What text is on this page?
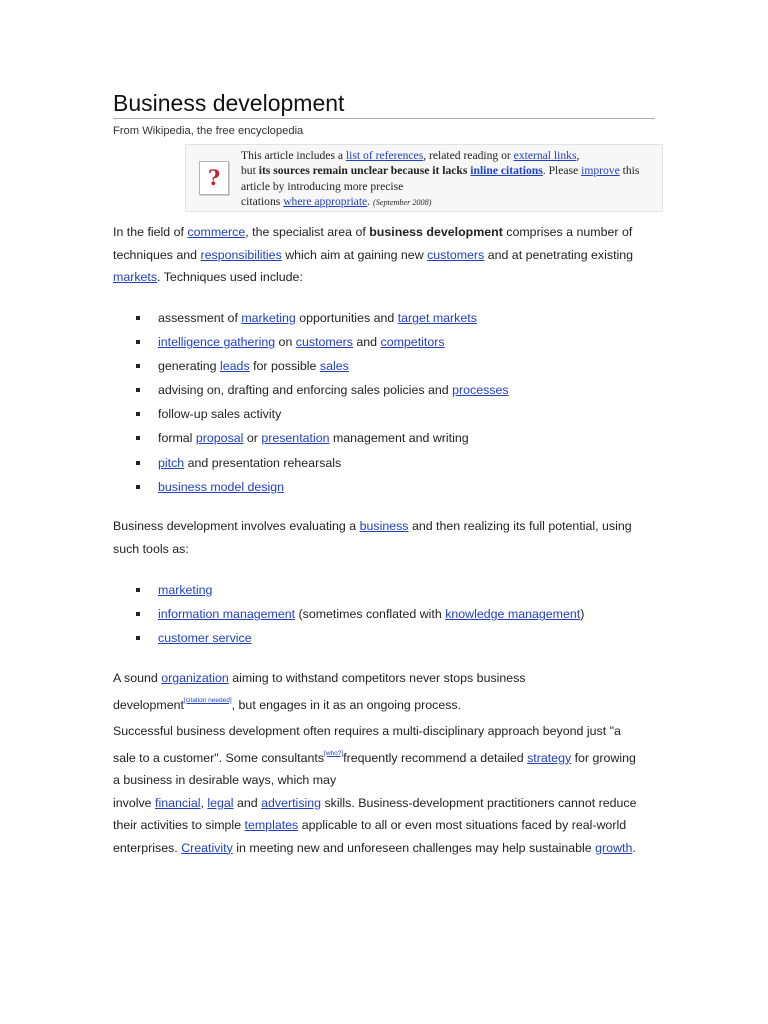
Business development
From Wikipedia, the free encyclopedia
?
This article includes a list of references, related reading or external links,
but its sources remain unclear because it lacks inline citations. Please improve this article by introducing more precise
citations where appropriate. (September 2008)

In the field of commerce, the specialist area of business development comprises a number of techniques and responsibilities which aim at gaining new customers and at penetrating existing markets. Techniques used include:

assessment of marketing opportunities and target markets
intelligence gathering on customers and competitors
generating leads for possible sales
advising on, drafting and enforcing sales policies and processes
follow-up sales activity
formal proposal or presentation management and writing
pitch and presentation rehearsals
business model design

Business development involves evaluating a business and then realizing its full potential, using such tools as:

marketing
information management (sometimes conflated with knowledge management)
customer service

A sound organization aiming to withstand competitors never stops business development[citation needed], but engages in it as an ongoing process.

Successful business development often requires a multi-disciplinary approach beyond just "a sale to a customer". Some consultants[who?]frequently recommend a detailed strategy for growing a business in desirable ways, which may
involve financial, legal and advertising skills. Business-development practitioners cannot reduce their activities to simple templates applicable to all or even most situations faced by real-world enterprises. Creativity in meeting new and unforeseen challenges may help sustainable growth.
